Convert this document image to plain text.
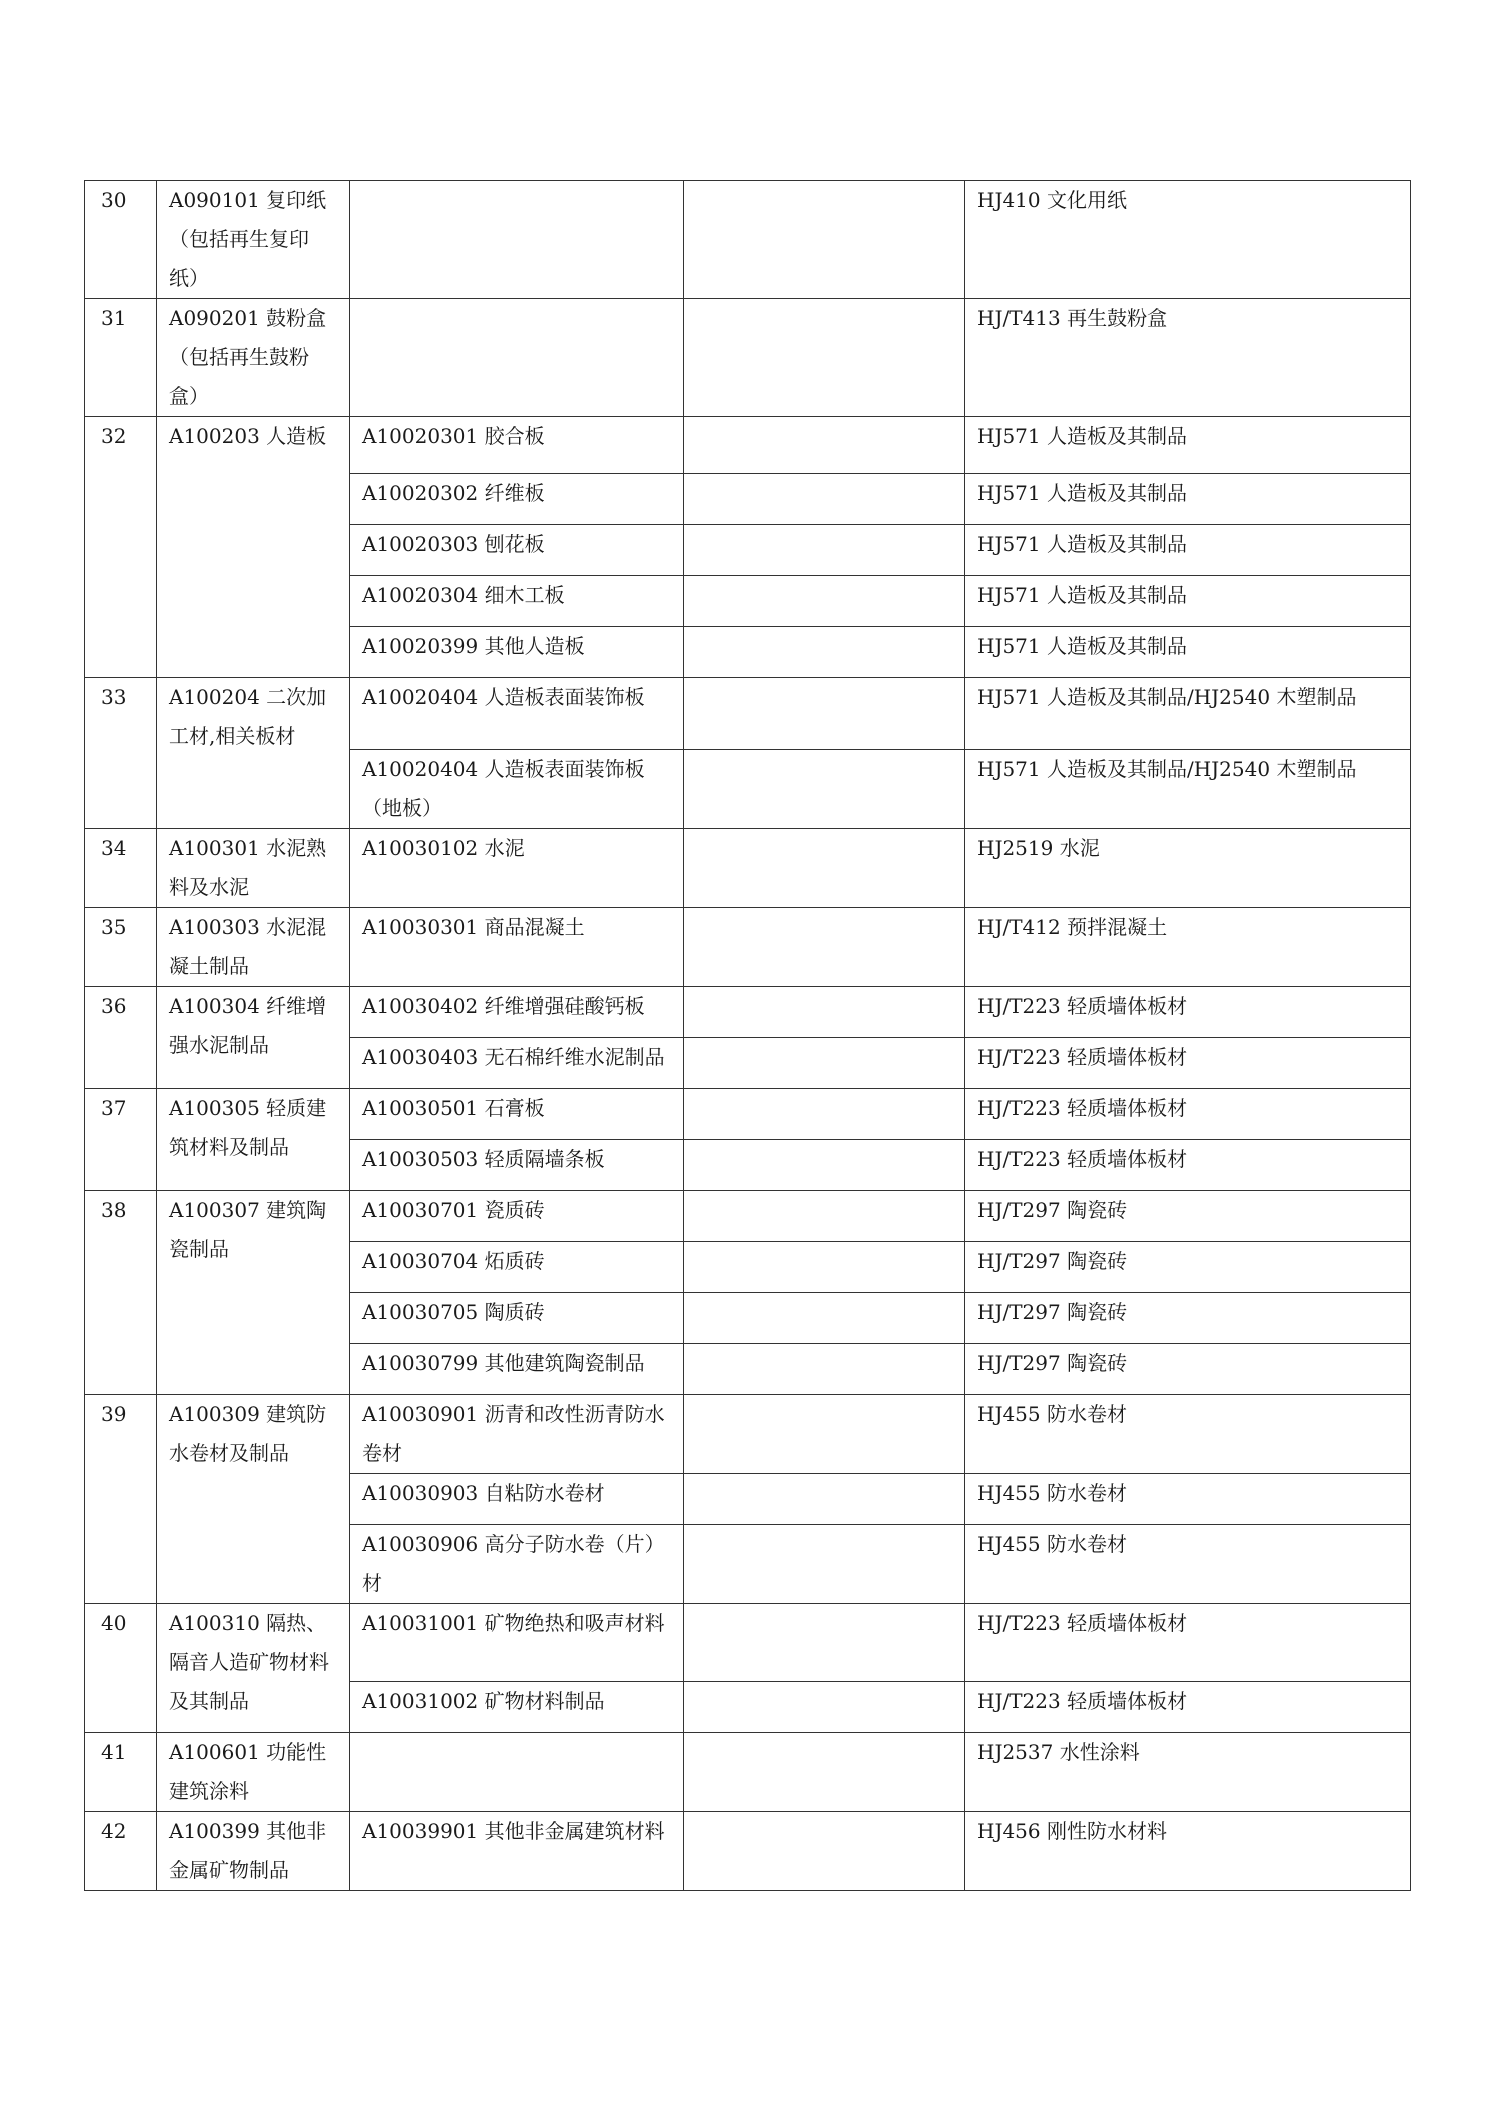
30	A090101 复印纸（包括再生复印纸）			HJ410 文化用纸
31	A090201 鼓粉盒（包括再生鼓粉盒）			HJ/T413 再生鼓粉盒
32	A100203 人造板	A10020301 胶合板		HJ571 人造板及其制品
		A10020302 纤维板		HJ571 人造板及其制品
		A10020303 刨花板		HJ571 人造板及其制品
		A10020304 细木工板		HJ571 人造板及其制品
		A10020399 其他人造板		HJ571 人造板及其制品
33	A100204 二次加工材,相关板材	A10020404 人造板表面装饰板		HJ571 人造板及其制品/HJ2540 木塑制品
		A10020404 人造板表面装饰板（地板）		HJ571 人造板及其制品/HJ2540 木塑制品
34	A100301 水泥熟料及水泥	A10030102 水泥		HJ2519 水泥
35	A100303 水泥混凝土制品	A10030301 商品混凝土		HJ/T412 预拌混凝土
36	A100304 纤维增强水泥制品	A10030402 纤维增强硅酸钙板		HJ/T223 轻质墙体板材
		A10030403 无石棉纤维水泥制品		HJ/T223 轻质墙体板材
37	A100305 轻质建筑材料及制品	A10030501 石膏板		HJ/T223 轻质墙体板材
		A10030503 轻质隔墙条板		HJ/T223 轻质墙体板材
38	A100307 建筑陶瓷制品	A10030701 瓷质砖		HJ/T297 陶瓷砖
		A10030704 炻质砖		HJ/T297 陶瓷砖
		A10030705 陶质砖		HJ/T297 陶瓷砖
		A10030799 其他建筑陶瓷制品		HJ/T297 陶瓷砖
39	A100309 建筑防水卷材及制品	A10030901 沥青和改性沥青防水卷材		HJ455 防水卷材
		A10030903 自粘防水卷材		HJ455 防水卷材
		A10030906 高分子防水卷（片）材		HJ455 防水卷材
40	A100310 隔热、隔音人造矿物材料及其制品	A10031001 矿物绝热和吸声材料		HJ/T223 轻质墙体板材
		A10031002 矿物材料制品		HJ/T223 轻质墙体板材
41	A100601 功能性建筑涂料			HJ2537 水性涂料
42	A100399 其他非金属矿物制品	A10039901 其他非金属建筑材料		HJ456 刚性防水材料
